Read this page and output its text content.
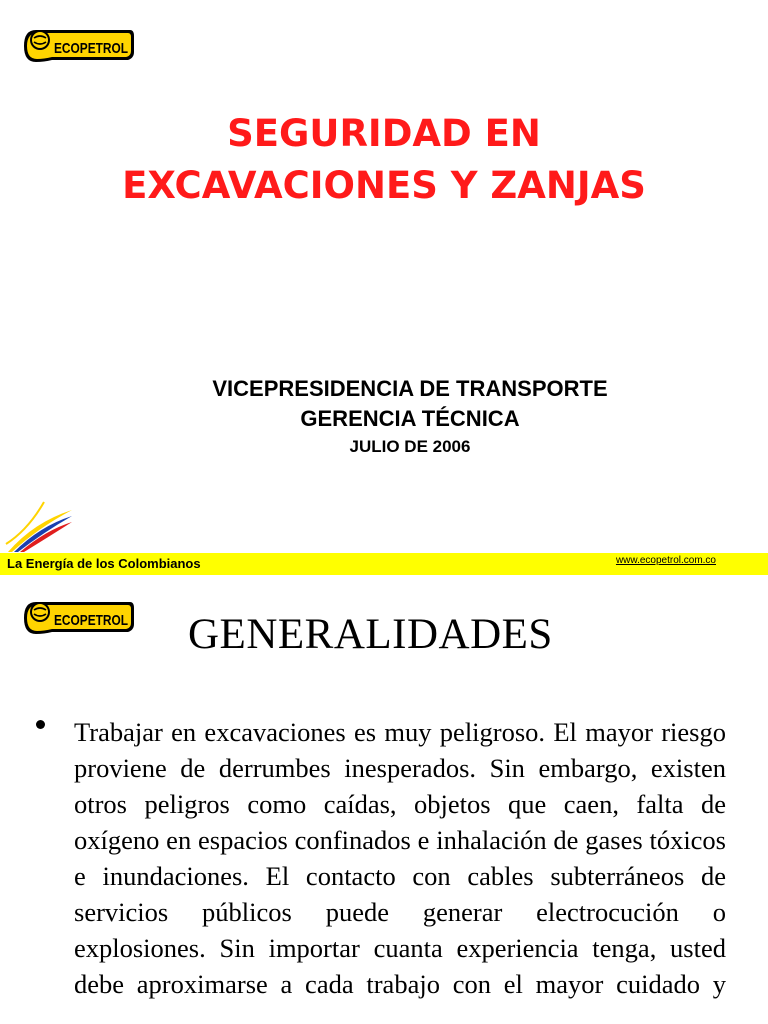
ECOPETROL
SEGURIDAD EN
EXCAVACIONES Y ZANJAS
VICEPRESIDENCIA DE TRANSPORTE
GERENCIA TÉCNICA
JULIO DE 2006
La Energía de los Colombianos	www.ecopetrol.com.co
ECOPETROL GENERALIDADES
Trabajar en excavaciones es muy peligroso. El mayor riesgo proviene de derrumbes inesperados. Sin embargo, existen otros peligros como caídas, objetos que caen, falta de oxígeno en espacios confinados e inhalación de gases tóxicos e inundaciones. El contacto con cables subterráneos de servicios públicos puede generar electrocución o explosiones. Sin importar cuanta experiencia tenga, usted debe aproximarse a cada trabajo con el mayor cuidado y
